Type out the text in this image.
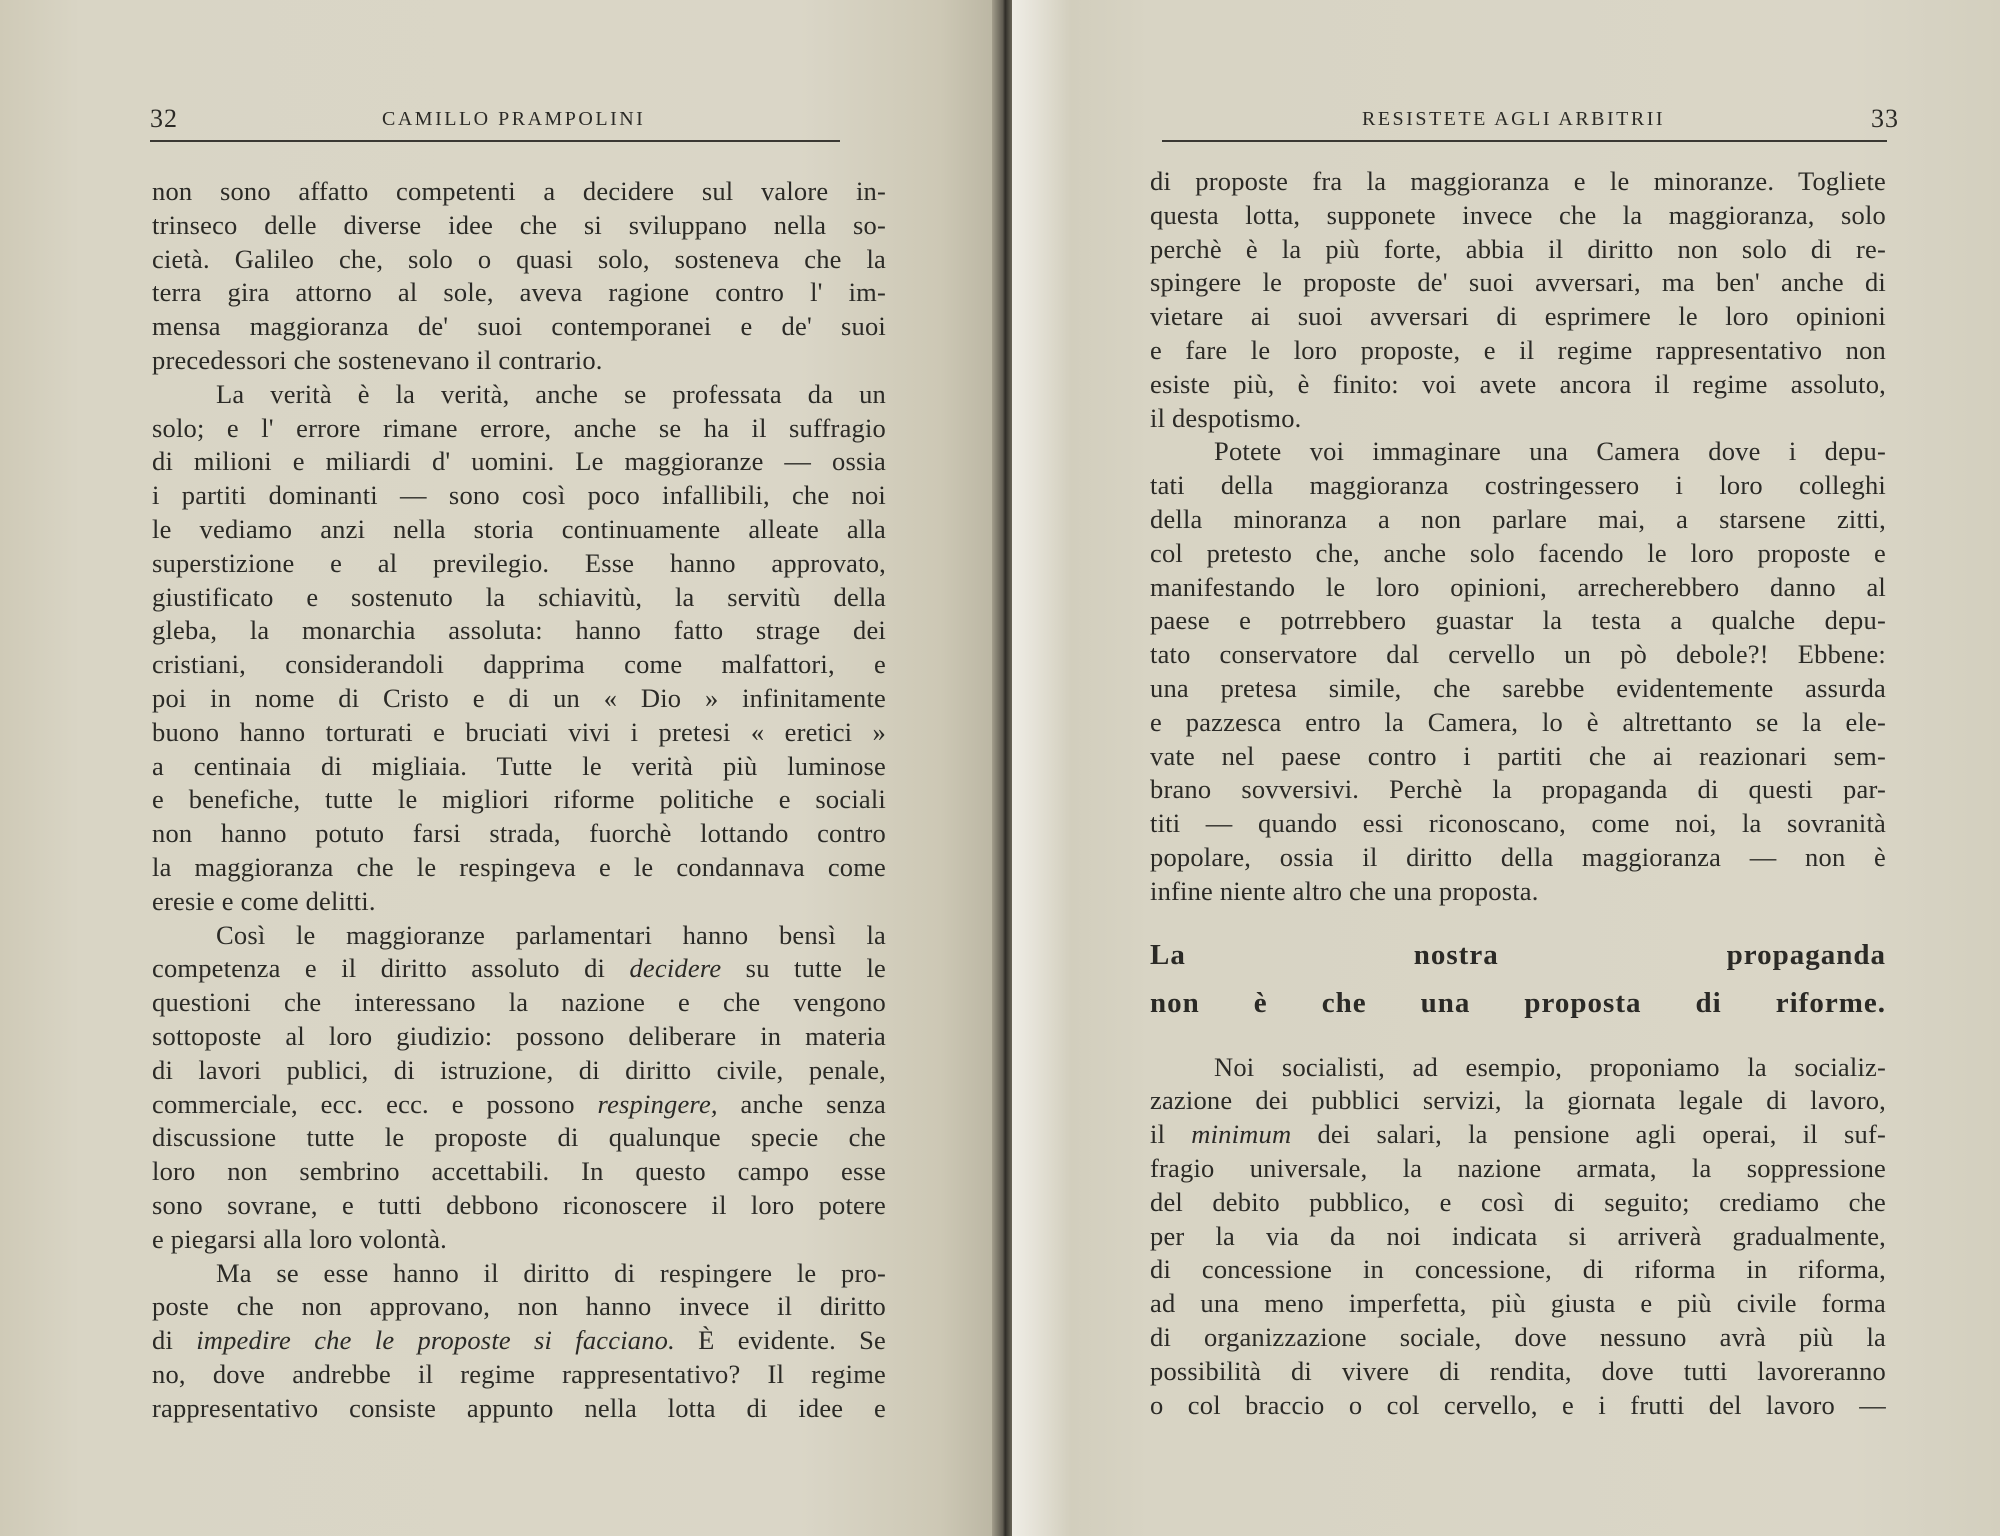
32	CAMILLO PRAMPOLINI
non sono affatto competenti a decidere sul valore in-
trinseco delle diverse idee che si sviluppano nella so-
cietà. Galileo che, solo o quasi solo, sosteneva che la
terra gira attorno al sole, aveva ragione contro l' im-
mensa maggioranza de' suoi contemporanei e de' suoi
precedessori che sostenevano il contrario.
La verità è la verità, anche se professata da un
solo; e l' errore rimane errore, anche se ha il suffragio
di milioni e miliardi d' uomini. Le maggioranze — ossia
i partiti dominanti — sono così poco infallibili, che noi
le vediamo anzi nella storia continuamente alleate alla
superstizione e al previlegio. Esse hanno approvato,
giustificato e sostenuto la schiavitù, la servitù della
gleba, la monarchia assoluta: hanno fatto strage dei
cristiani, considerandoli dapprima come malfattori, e
poi in nome di Cristo e di un « Dio » infinitamente
buono hanno torturati e bruciati vivi i pretesi « eretici »
a centinaia di migliaia. Tutte le verità più luminose
e benefiche, tutte le migliori riforme politiche e sociali
non hanno potuto farsi strada, fuorchè lottando contro
la maggioranza che le respingeva e le condannava come
eresie e come delitti.
Così le maggioranze parlamentari hanno bensì la
competenza e il diritto assoluto di decidere su tutte le
questioni che interessano la nazione e che vengono
sottoposte al loro giudizio: possono deliberare in materia
di lavori publici, di istruzione, di diritto civile, penale,
commerciale, ecc. ecc. e possono respingere, anche senza
discussione tutte le proposte di qualunque specie che
loro non sembrino accettabili. In questo campo esse
sono sovrane, e tutti debbono riconoscere il loro potere
e piegarsi alla loro volontà.
Ma se esse hanno il diritto di respingere le pro-
poste che non approvano, non hanno invece il diritto
di impedire che le proposte si facciano. È evidente. Se
no, dove andrebbe il regime rappresentativo? Il regime
rappresentativo consiste appunto nella lotta di idee e
RESISTETE AGLI ARBITRII	33
di proposte fra la maggioranza e le minoranze. Togliete
questa lotta, supponete invece che la maggioranza, solo
perchè è la più forte, abbia il diritto non solo di re-
spingere le proposte de' suoi avversari, ma ben' anche di
vietare ai suoi avversari di esprimere le loro opinioni
e fare le loro proposte, e il regime rappresentativo non
esiste più, è finito: voi avete ancora il regime assoluto,
il despotismo.
Potete voi immaginare una Camera dove i depu-
tati della maggioranza costringessero i loro colleghi
della minoranza a non parlare mai, a starsene zitti,
col pretesto che, anche solo facendo le loro proposte e
manifestando le loro opinioni, arrecherebbero danno al
paese e potrrebbero guastar la testa a qualche depu-
tato conservatore dal cervello un pò debole?! Ebbene:
una pretesa simile, che sarebbe evidentemente assurda
e pazzesca entro la Camera, lo è altrettanto se la ele-
vate nel paese contro i partiti che ai reazionari sem-
brano sovversivi. Perchè la propaganda di questi par-
titi — quando essi riconoscano, come noi, la sovranità
popolare, ossia il diritto della maggioranza — non è
infine niente altro che una proposta.
La nostra propaganda
non è che una proposta di riforme.
Noi socialisti, ad esempio, proponiamo la socializ-
zazione dei pubblici servizi, la giornata legale di lavoro,
il minimum dei salari, la pensione agli operai, il suf-
fragio universale, la nazione armata, la soppressione
del debito pubblico, e così di seguito; crediamo che
per la via da noi indicata si arriverà gradualmente,
di concessione in concessione, di riforma in riforma,
ad una meno imperfetta, più giusta e più civile forma
di organizzazione sociale, dove nessuno avrà più la
possibilità di vivere di rendita, dove tutti lavoreranno
o col braccio o col cervello, e i frutti del lavoro —
